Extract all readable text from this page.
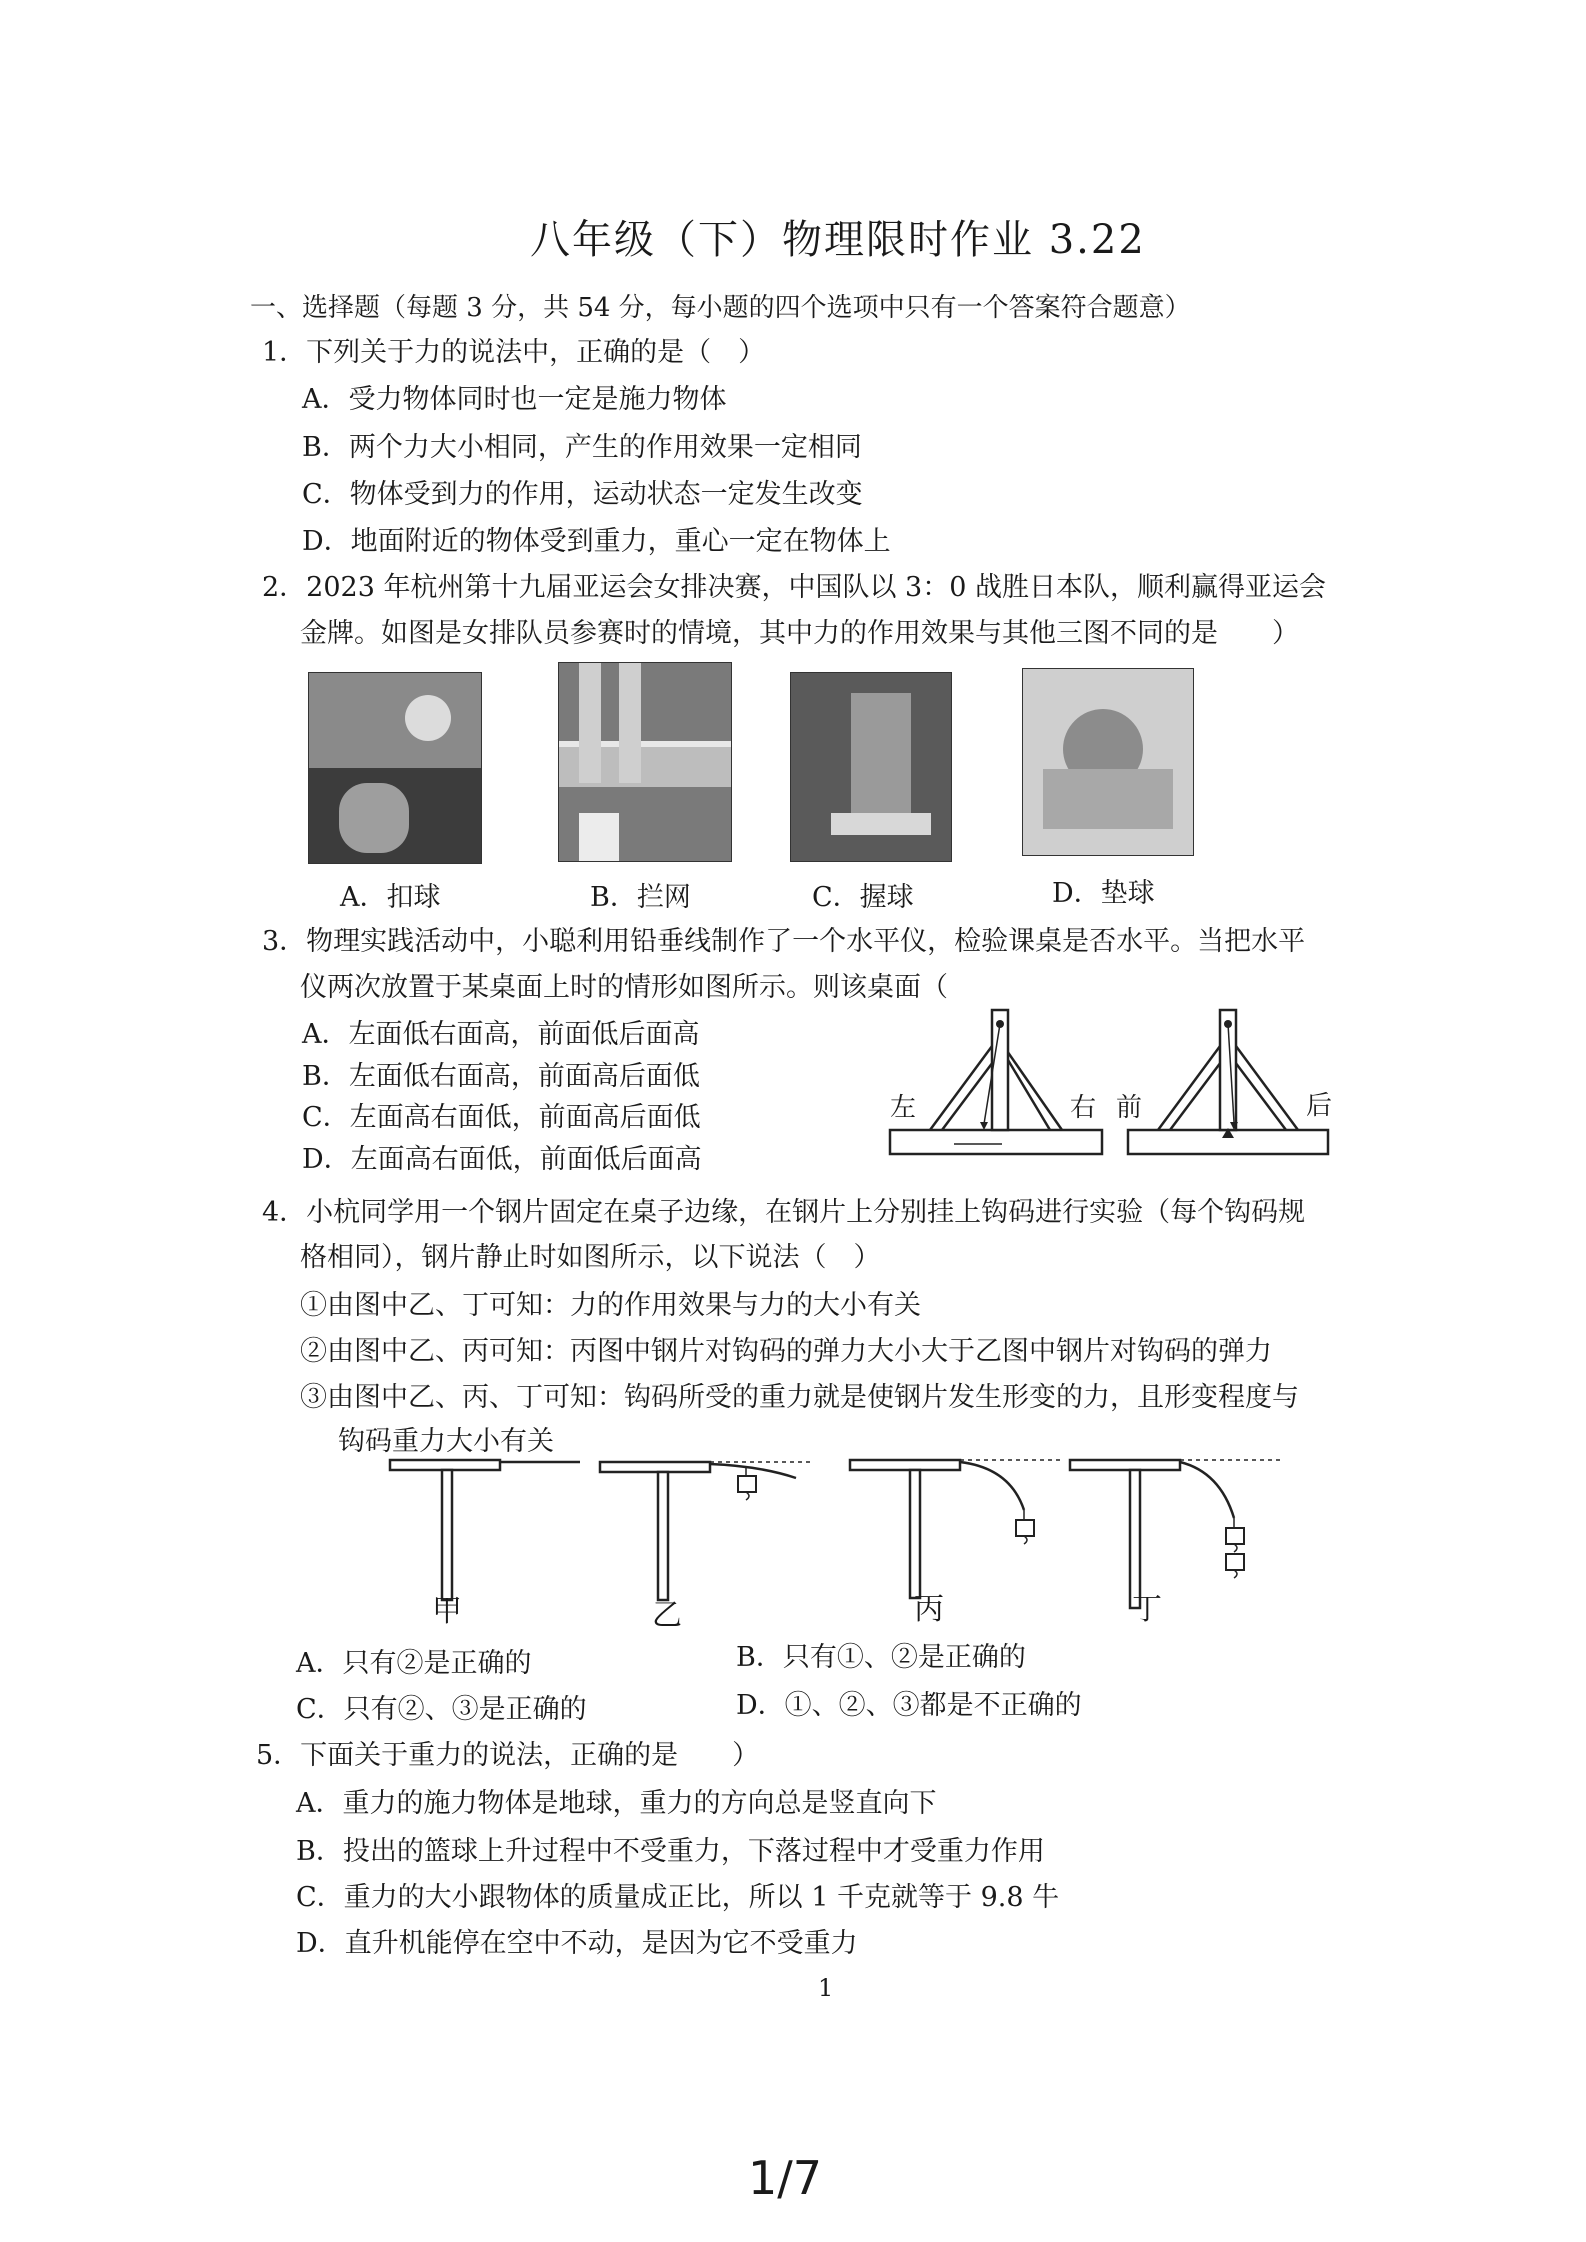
八年级（下）物理限时作业 3.22
一、选择题（每题 3 分，共 54 分，每小题的四个选项中只有一个答案符合题意）
1．下列关于力的说法中，正确的是（　）
A．受力物体同时也一定是施力物体
B．两个力大小相同，产生的作用效果一定相同
C．物体受到力的作用，运动状态一定发生改变
D．地面附近的物体受到重力，重心一定在物体上
2．2023 年杭州第十九届亚运会女排决赛，中国队以 3：0 战胜日本队，顺利赢得亚运会
金牌。如图是女排队员参赛时的情境，其中力的作用效果与其他三图不同的是　　）
A．扣球	B．拦网	C．握球	D．垫球
3．物理实践活动中，小聪利用铅垂线制作了一个水平仪，检验课桌是否水平。当把水平
仪两次放置于某桌面上时的情形如图所示。则该桌面（
A．左面低右面高，前面低后面高
B．左面低右面高，前面高后面低
C．左面高右面低，前面高后面低
D．左面高右面低，前面低后面高
左	右 前	后
4．小杭同学用一个钢片固定在桌子边缘，在钢片上分别挂上钩码进行实验（每个钩码规
格相同），钢片静止时如图所示，以下说法（　）
①由图中乙、丁可知：力的作用效果与力的大小有关
②由图中乙、丙可知：丙图中钢片对钩码的弹力大小大于乙图中钢片对钩码的弹力
③由图中乙、丙、丁可知：钩码所受的重力就是使钢片发生形变的力，且形变程度与
钩码重力大小有关
甲	乙	丙	丁
A．只有②是正确的	B．只有①、②是正确的
C．只有②、③是正确的	D．①、②、③都是不正确的
5．下面关于重力的说法，正确的是　　）
A．重力的施力物体是地球，重力的方向总是竖直向下
B．投出的篮球上升过程中不受重力，下落过程中才受重力作用
C．重力的大小跟物体的质量成正比，所以 1 千克就等于 9.8 牛
D．直升机能停在空中不动，是因为它不受重力
1
1/7
